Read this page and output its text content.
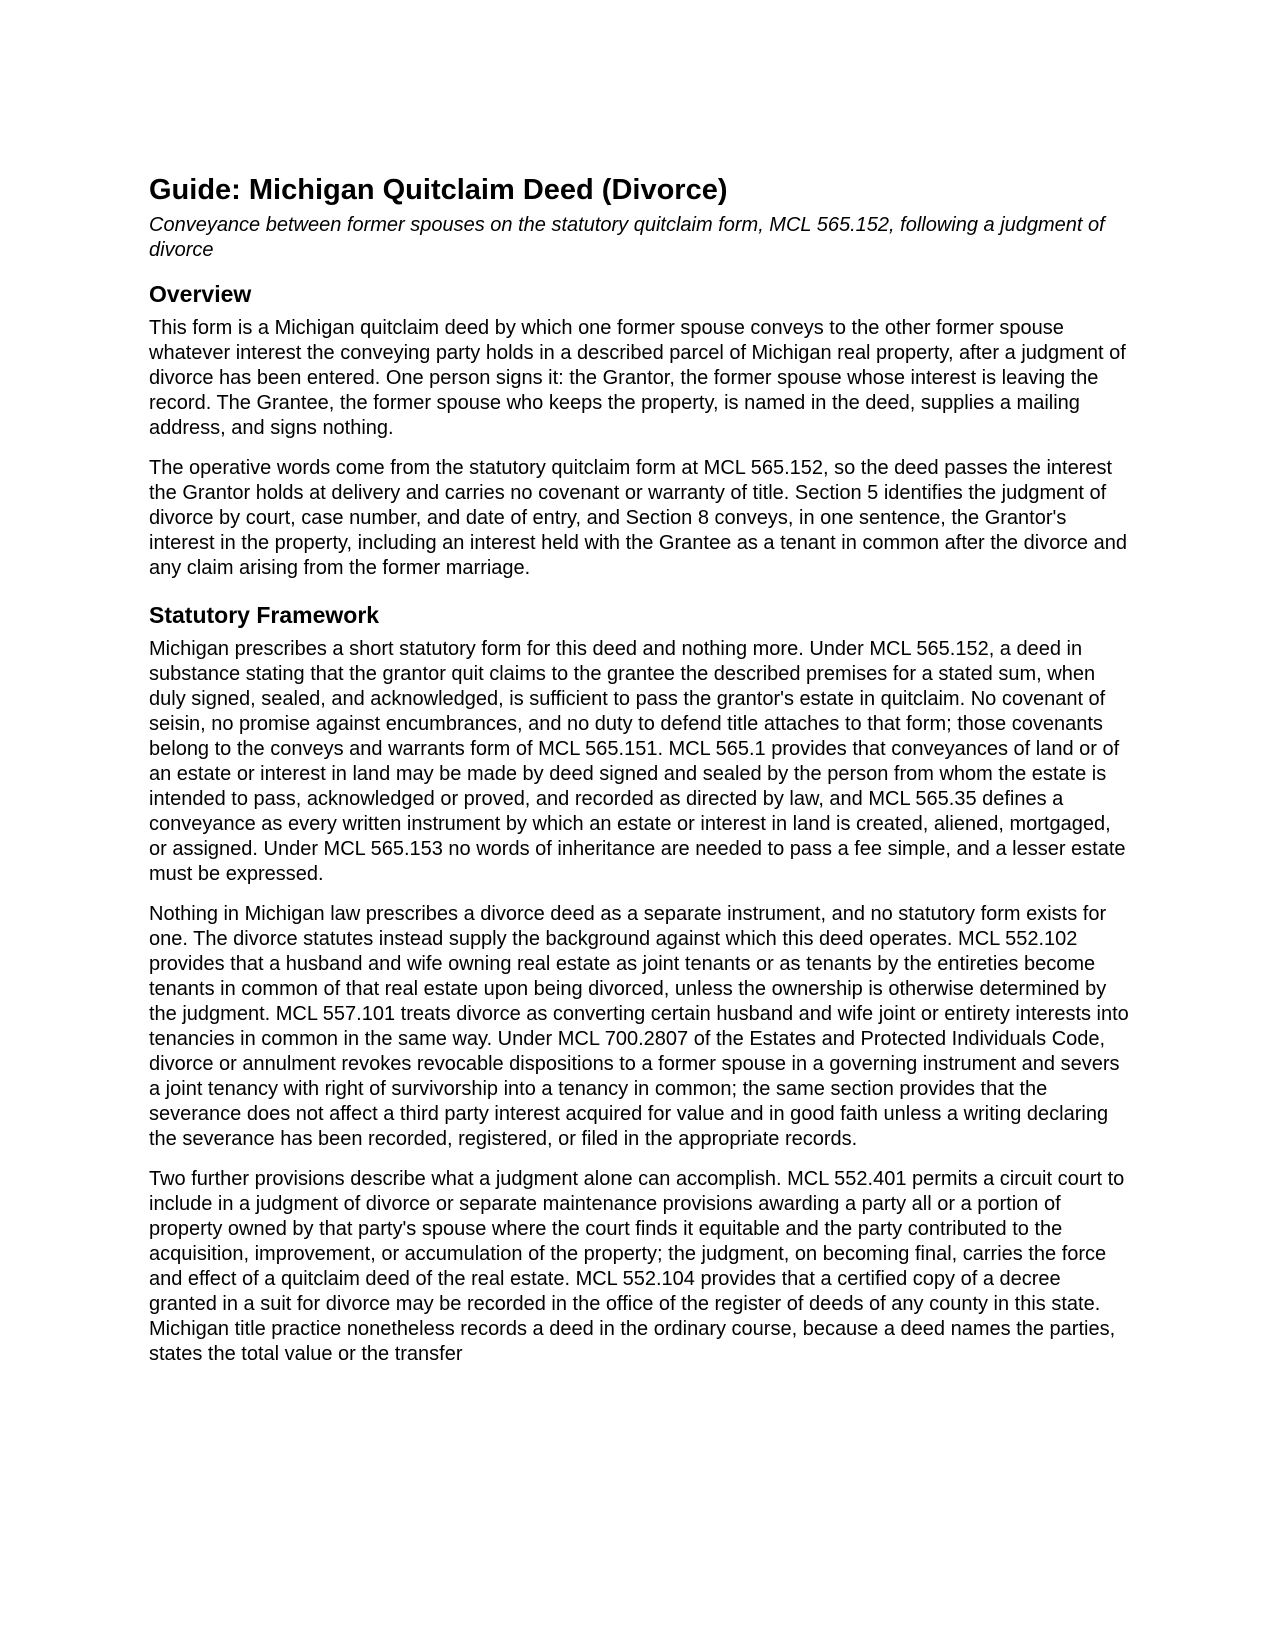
Guide: Michigan Quitclaim Deed (Divorce)
Conveyance between former spouses on the statutory quitclaim form, MCL 565.152, following a judgment of divorce
Overview

This form is a Michigan quitclaim deed by which one former spouse conveys to the other former spouse whatever interest the conveying party holds in a described parcel of Michigan real property, after a judgment of divorce has been entered. One person signs it: the Grantor, the former spouse whose interest is leaving the record. The Grantee, the former spouse who keeps the property, is named in the deed, supplies a mailing address, and signs nothing.

The operative words come from the statutory quitclaim form at MCL 565.152, so the deed passes the interest the Grantor holds at delivery and carries no covenant or warranty of title. Section 5 identifies the judgment of divorce by court, case number, and date of entry, and Section 8 conveys, in one sentence, the Grantor's interest in the property, including an interest held with the Grantee as a tenant in common after the divorce and any claim arising from the former marriage.

Statutory Framework

Michigan prescribes a short statutory form for this deed and nothing more. Under MCL 565.152, a deed in substance stating that the grantor quit claims to the grantee the described premises for a stated sum, when duly signed, sealed, and acknowledged, is sufficient to pass the grantor's estate in quitclaim. No covenant of seisin, no promise against encumbrances, and no duty to defend title attaches to that form; those covenants belong to the conveys and warrants form of MCL 565.151. MCL 565.1 provides that conveyances of land or of an estate or interest in land may be made by deed signed and sealed by the person from whom the estate is intended to pass, acknowledged or proved, and recorded as directed by law, and MCL 565.35 defines a conveyance as every written instrument by which an estate or interest in land is created, aliened, mortgaged, or assigned. Under MCL 565.153 no words of inheritance are needed to pass a fee simple, and a lesser estate must be expressed.

Nothing in Michigan law prescribes a divorce deed as a separate instrument, and no statutory form exists for one. The divorce statutes instead supply the background against which this deed operates. MCL 552.102 provides that a husband and wife owning real estate as joint tenants or as tenants by the entireties become tenants in common of that real estate upon being divorced, unless the ownership is otherwise determined by the judgment. MCL 557.101 treats divorce as converting certain husband and wife joint or entirety interests into tenancies in common in the same way. Under MCL 700.2807 of the Estates and Protected Individuals Code, divorce or annulment revokes revocable dispositions to a former spouse in a governing instrument and severs a joint tenancy with right of survivorship into a tenancy in common; the same section provides that the severance does not affect a third party interest acquired for value and in good faith unless a writing declaring the severance has been recorded, registered, or filed in the appropriate records.

Two further provisions describe what a judgment alone can accomplish. MCL 552.401 permits a circuit court to include in a judgment of divorce or separate maintenance provisions awarding a party all or a portion of property owned by that party's spouse where the court finds it equitable and the party contributed to the acquisition, improvement, or accumulation of the property; the judgment, on becoming final, carries the force and effect of a quitclaim deed of the real estate. MCL 552.104 provides that a certified copy of a decree granted in a suit for divorce may be recorded in the office of the register of deeds of any county in this state. Michigan title practice nonetheless records a deed in the ordinary course, because a deed names the parties, states the total value or the transfer
